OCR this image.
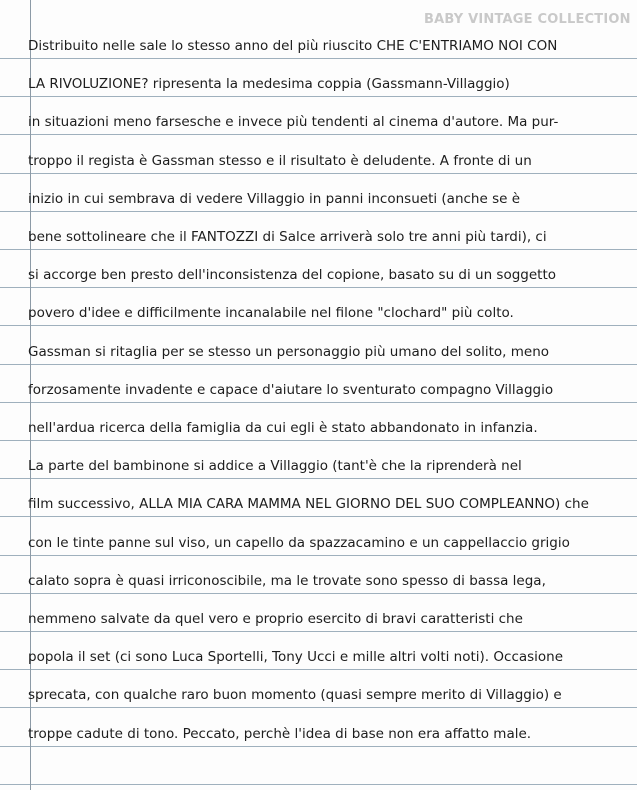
BABY VINTAGE COLLECTION
Distribuito nelle sale lo stesso anno del più riuscito CHE C'ENTRIAMO NOI CON
LA RIVOLUZIONE? ripresenta la medesima coppia (Gassmann-Villaggio)
in situazioni meno farsesche e invece più tendenti al cinema d'autore. Ma pur-
troppo il regista è Gassman stesso e il risultato è deludente. A fronte di un
inizio in cui sembrava di vedere Villaggio in panni inconsueti (anche se è
bene sottolineare che il FANTOZZI di Salce arriverà solo tre anni più tardi), ci
si accorge ben presto dell'inconsistenza del copione, basato su di un soggetto
povero d'idee e difficilmente incanalabile nel filone "clochard" più colto.
Gassman si ritaglia per se stesso un personaggio più umano del solito, meno
forzosamente invadente e capace d'aiutare lo sventurato compagno Villaggio
nell'ardua ricerca della famiglia da cui egli è stato abbandonato in infanzia.
La parte del bambinone si addice a Villaggio (tant'è che la riprenderà nel
film successivo, ALLA MIA CARA MAMMA NEL GIORNO DEL SUO COMPLEANNO) che
con le tinte panne sul viso, un capello da spazzacamino e un cappellaccio grigio
calato sopra è quasi irriconoscibile, ma le trovate sono spesso di bassa lega,
nemmeno salvate da quel vero e proprio esercito di bravi caratteristi che
popola il set (ci sono Luca Sportelli, Tony Ucci e mille altri volti noti). Occasione
sprecata, con qualche raro buon momento (quasi sempre merito di Villaggio) e
troppe cadute di tono. Peccato, perchè l'idea di base non era affatto male.
